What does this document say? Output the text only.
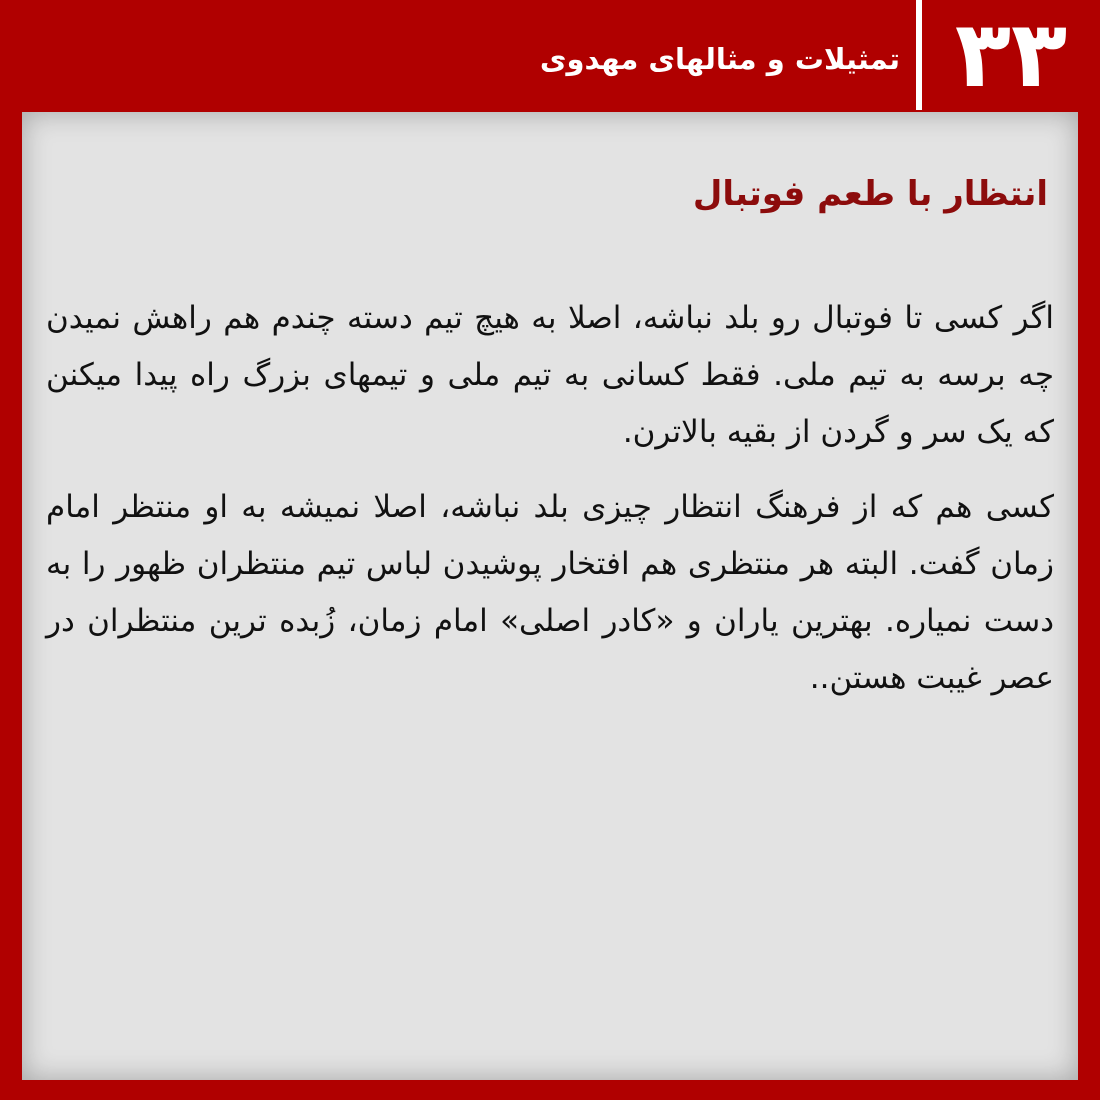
تمثیلات و مثالهای مهدوی ۳۳
انتظار با طعم فوتبال

اگر کسی تا فوتبال رو بلد نباشه، اصلا به هیچ تیم دسته چندم هم راهش نمیدن چه برسه به تیم ملی. فقط کسانی به تیم ملی و تیمهای بزرگ راه پیدا میکنن که یک سر و گردن از بقیه بالاترن.

کسی هم که از فرهنگ انتظار چیزی بلد نباشه، اصلا نمیشه به او منتظر امام زمان گفت. البته هر منتظری هم افتخار پوشیدن لباس تیم منتظران ظهور را به دست نمیاره. بهترین یاران و «کادر اصلی» امام زمان، زُبده ترین منتظران در عصر غیبت هستن..
